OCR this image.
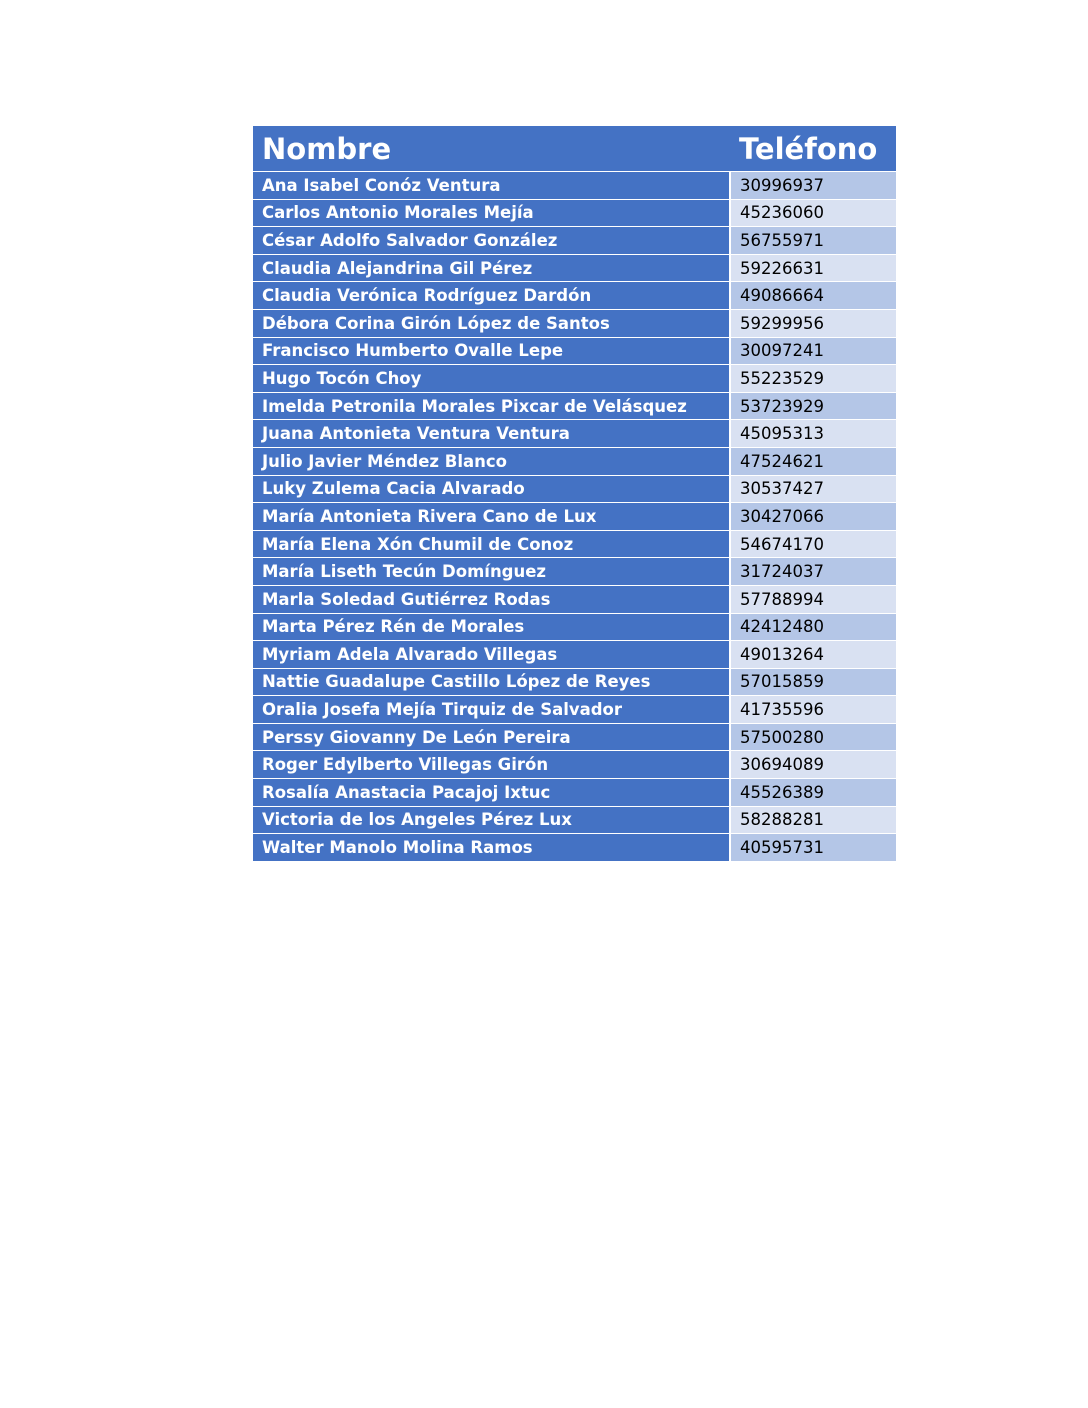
Nombre	Teléfono
Ana Isabel Conóz Ventura	30996937
Carlos Antonio Morales Mejía	45236060
César Adolfo Salvador González	56755971
Claudia Alejandrina Gil Pérez	59226631
Claudia Verónica Rodríguez Dardón	49086664
Débora Corina Girón López de Santos	59299956
Francisco Humberto Ovalle Lepe	30097241
Hugo Tocón Choy	55223529
Imelda Petronila Morales Pixcar de Velásquez	53723929
Juana Antonieta Ventura Ventura	45095313
Julio Javier Méndez Blanco	47524621
Luky Zulema Cacia Alvarado	30537427
María Antonieta Rivera Cano de Lux	30427066
María Elena Xón Chumil de Conoz	54674170
María Liseth Tecún Domínguez	31724037
Marla Soledad Gutiérrez Rodas	57788994
Marta Pérez Rén de Morales	42412480
Myriam Adela Alvarado Villegas	49013264
Nattie Guadalupe Castillo López de Reyes	57015859
Oralia Josefa Mejía Tirquiz de Salvador	41735596
Perssy Giovanny De León Pereira	57500280
Roger Edylberto Villegas Girón	30694089
Rosalía Anastacia Pacajoj Ixtuc	45526389
Victoria de los Angeles Pérez Lux	58288281
Walter Manolo Molina Ramos	40595731
